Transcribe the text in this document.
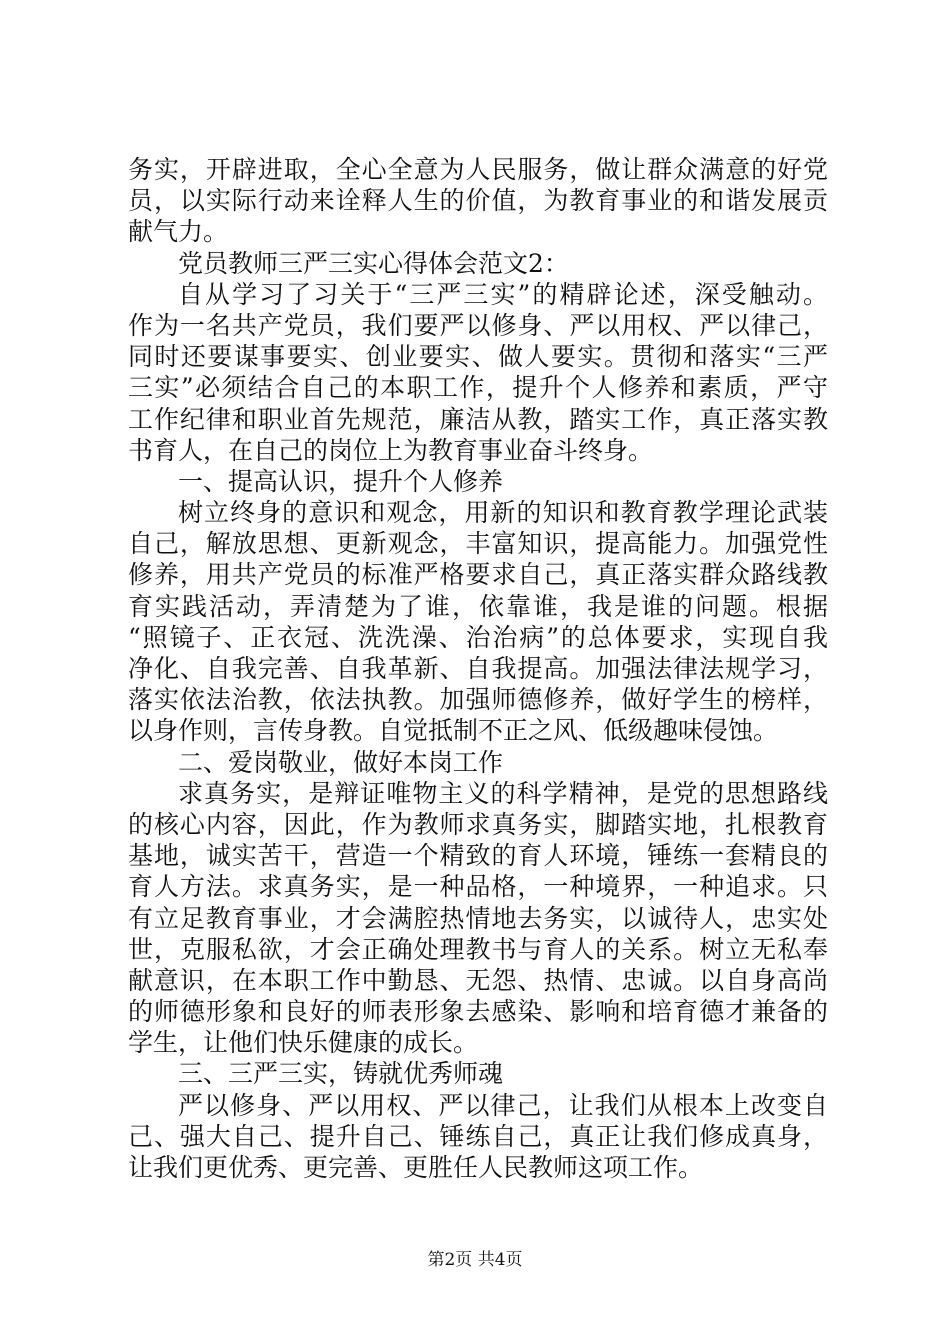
务实，开辟进取，全心全意为人民服务，做让群众满意的好党
员，以实际行动来诠释人生的价值，为教育事业的和谐发展贡
献气力。
党员教师三严三实心得体会范文2：
自从学习了习关于“三严三实”的精辟论述，深受触动。
作为一名共产党员，我们要严以修身、严以用权、严以律己，
同时还要谋事要实、创业要实、做人要实。贯彻和落实“三严
三实”必须结合自己的本职工作，提升个人修养和素质，严守
工作纪律和职业首先规范，廉洁从教，踏实工作，真正落实教
书育人，在自己的岗位上为教育事业奋斗终身。
一、提高认识，提升个人修养
树立终身的意识和观念，用新的知识和教育教学理论武装
自己，解放思想、更新观念，丰富知识，提高能力。加强党性
修养，用共产党员的标准严格要求自己，真正落实群众路线教
育实践活动，弄清楚为了谁，依靠谁，我是谁的问题。根据
“照镜子、正衣冠、洗洗澡、治治病”的总体要求，实现自我
净化、自我完善、自我革新、自我提高。加强法律法规学习，
落实依法治教，依法执教。加强师德修养，做好学生的榜样，
以身作则，言传身教。自觉抵制不正之风、低级趣味侵蚀。
二、爱岗敬业，做好本岗工作
求真务实，是辩证唯物主义的科学精神，是党的思想路线
的核心内容，因此，作为教师求真务实，脚踏实地，扎根教育
基地，诚实苦干，营造一个精致的育人环境，锤练一套精良的
育人方法。求真务实，是一种品格，一种境界，一种追求。只
有立足教育事业，才会满腔热情地去务实，以诚待人，忠实处
世，克服私欲，才会正确处理教书与育人的关系。树立无私奉
献意识，在本职工作中勤恳、无怨、热情、忠诚。以自身高尚
的师德形象和良好的师表形象去感染、影响和培育德才兼备的
学生，让他们快乐健康的成长。
三、三严三实，铸就优秀师魂
严以修身、严以用权、严以律己，让我们从根本上改变自
己、强大自己、提升自己、锤练自己，真正让我们修成真身，
让我们更优秀、更完善、更胜任人民教师这项工作。
第2页 共4页
